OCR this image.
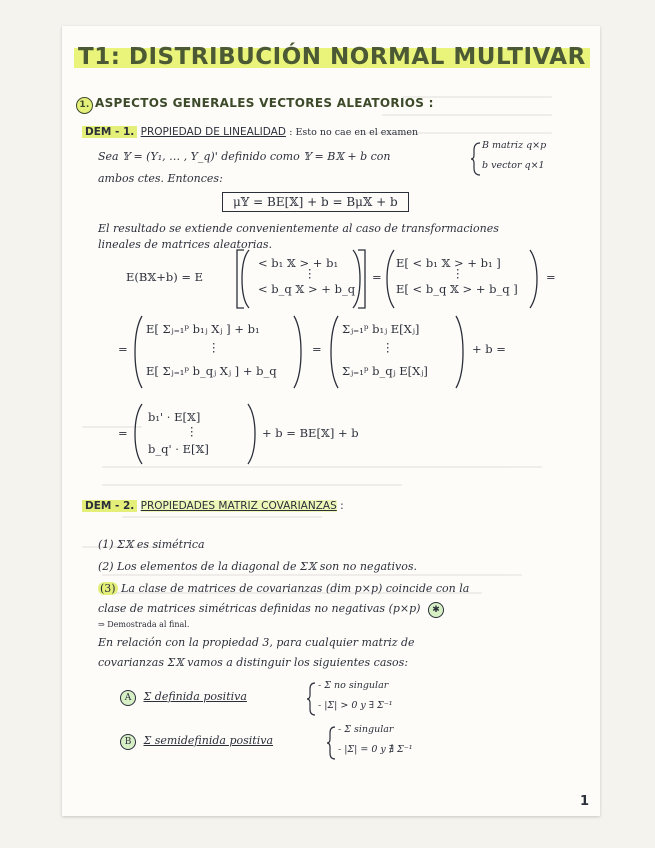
T1: DISTRIBUCIÓN NORMAL MULTIVAR
1. ASPECTOS GENERALES VECTORES ALEATORIOS :
DEM - 1. PROPIEDAD DE LINEALIDAD : Esto no cae en el examen
Sea 𝕐 = (Y₁, … , Y_q)' definido como 𝕐 = B𝕏 + b con
B matriz q×p
b vector q×1
ambos ctes. Entonces:
μ𝕐 = BE[𝕏] + b = Bμ𝕏 + b
El resultado se extiende convenientemente al caso de transformaciones
lineales de matrices aleatorias.
E(B𝕏+b) = E
< b₁ 𝕏 > + b₁
⋮
< b_q 𝕏 > + b_q
=
E[ < b₁ 𝕏 > + b₁ ]
⋮
E[ < b_q 𝕏 > + b_q ]
=
=
E[ Σⱼ₌₁ᵖ b₁ⱼ Xⱼ ] + b₁
⋮
E[ Σⱼ₌₁ᵖ b_qⱼ Xⱼ ] + b_q
=
Σⱼ₌₁ᵖ b₁ⱼ E[Xⱼ]
⋮
Σⱼ₌₁ᵖ b_qⱼ E[Xⱼ]
+ b =
=
b₁' · E[𝕏]
⋮
b_q' · E[𝕏]
+ b = BE[𝕏] + b
DEM - 2. PROPIEDADES MATRIZ COVARIANZAS :
(1) Σ𝕏 es simétrica
(2) Los elementos de la diagonal de Σ𝕏 son no negativos.
(3) La clase de matrices de covarianzas (dim p×p) coincide con la
clase de matrices simétricas definidas no negativas (p×p) ✱
⇒ Demostrada al final.
En relación con la propiedad 3, para cualquier matriz de
covarianzas Σ𝕏 vamos a distinguir los siguientes casos:
A Σ definida positiva
- Σ no singular
- |Σ| > 0 y ∃ Σ⁻¹
B Σ semidefinida positiva
- Σ singular
- |Σ| = 0 y ∄ Σ⁻¹
1
